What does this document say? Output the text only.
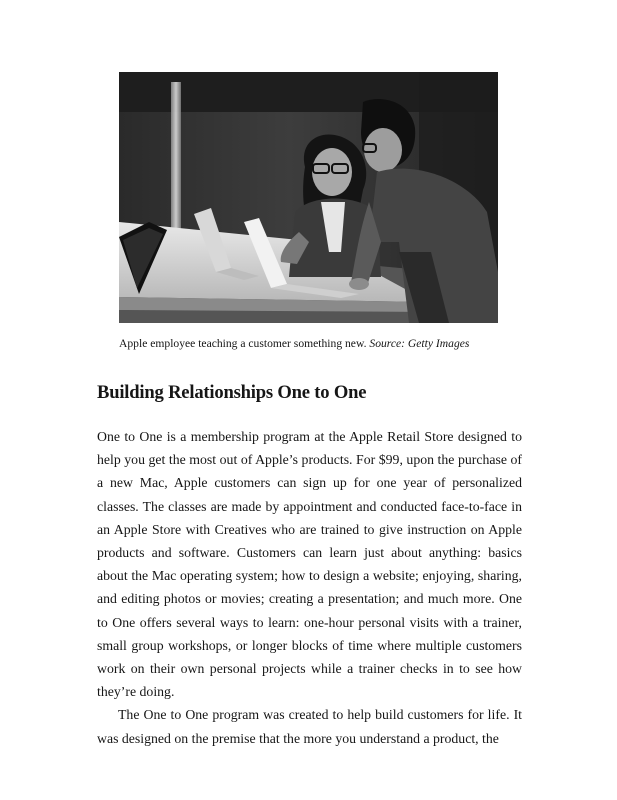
Apple employee teaching a customer something new. Source: Getty Images
Building Relationships One to One

One to One is a membership program at the Apple Retail Store designed to help you get the most out of Apple’s products. For $99, upon the purchase of a new Mac, Apple customers can sign up for one year of personalized classes. The classes are made by appointment and conducted face-to-face in an Apple Store with Creatives who are trained to give instruction on Apple products and software. Customers can learn just about anything: basics about the Mac operating system; how to design a website; enjoying, sharing, and editing photos or movies; creating a presentation; and much more. One to One offers several ways to learn: one-hour personal visits with a trainer, small group workshops, or longer blocks of time where multiple customers work on their own personal projects while a trainer checks in to see how they’re doing.

The One to One program was created to help build customers for life. It was designed on the premise that the more you understand a product, the
